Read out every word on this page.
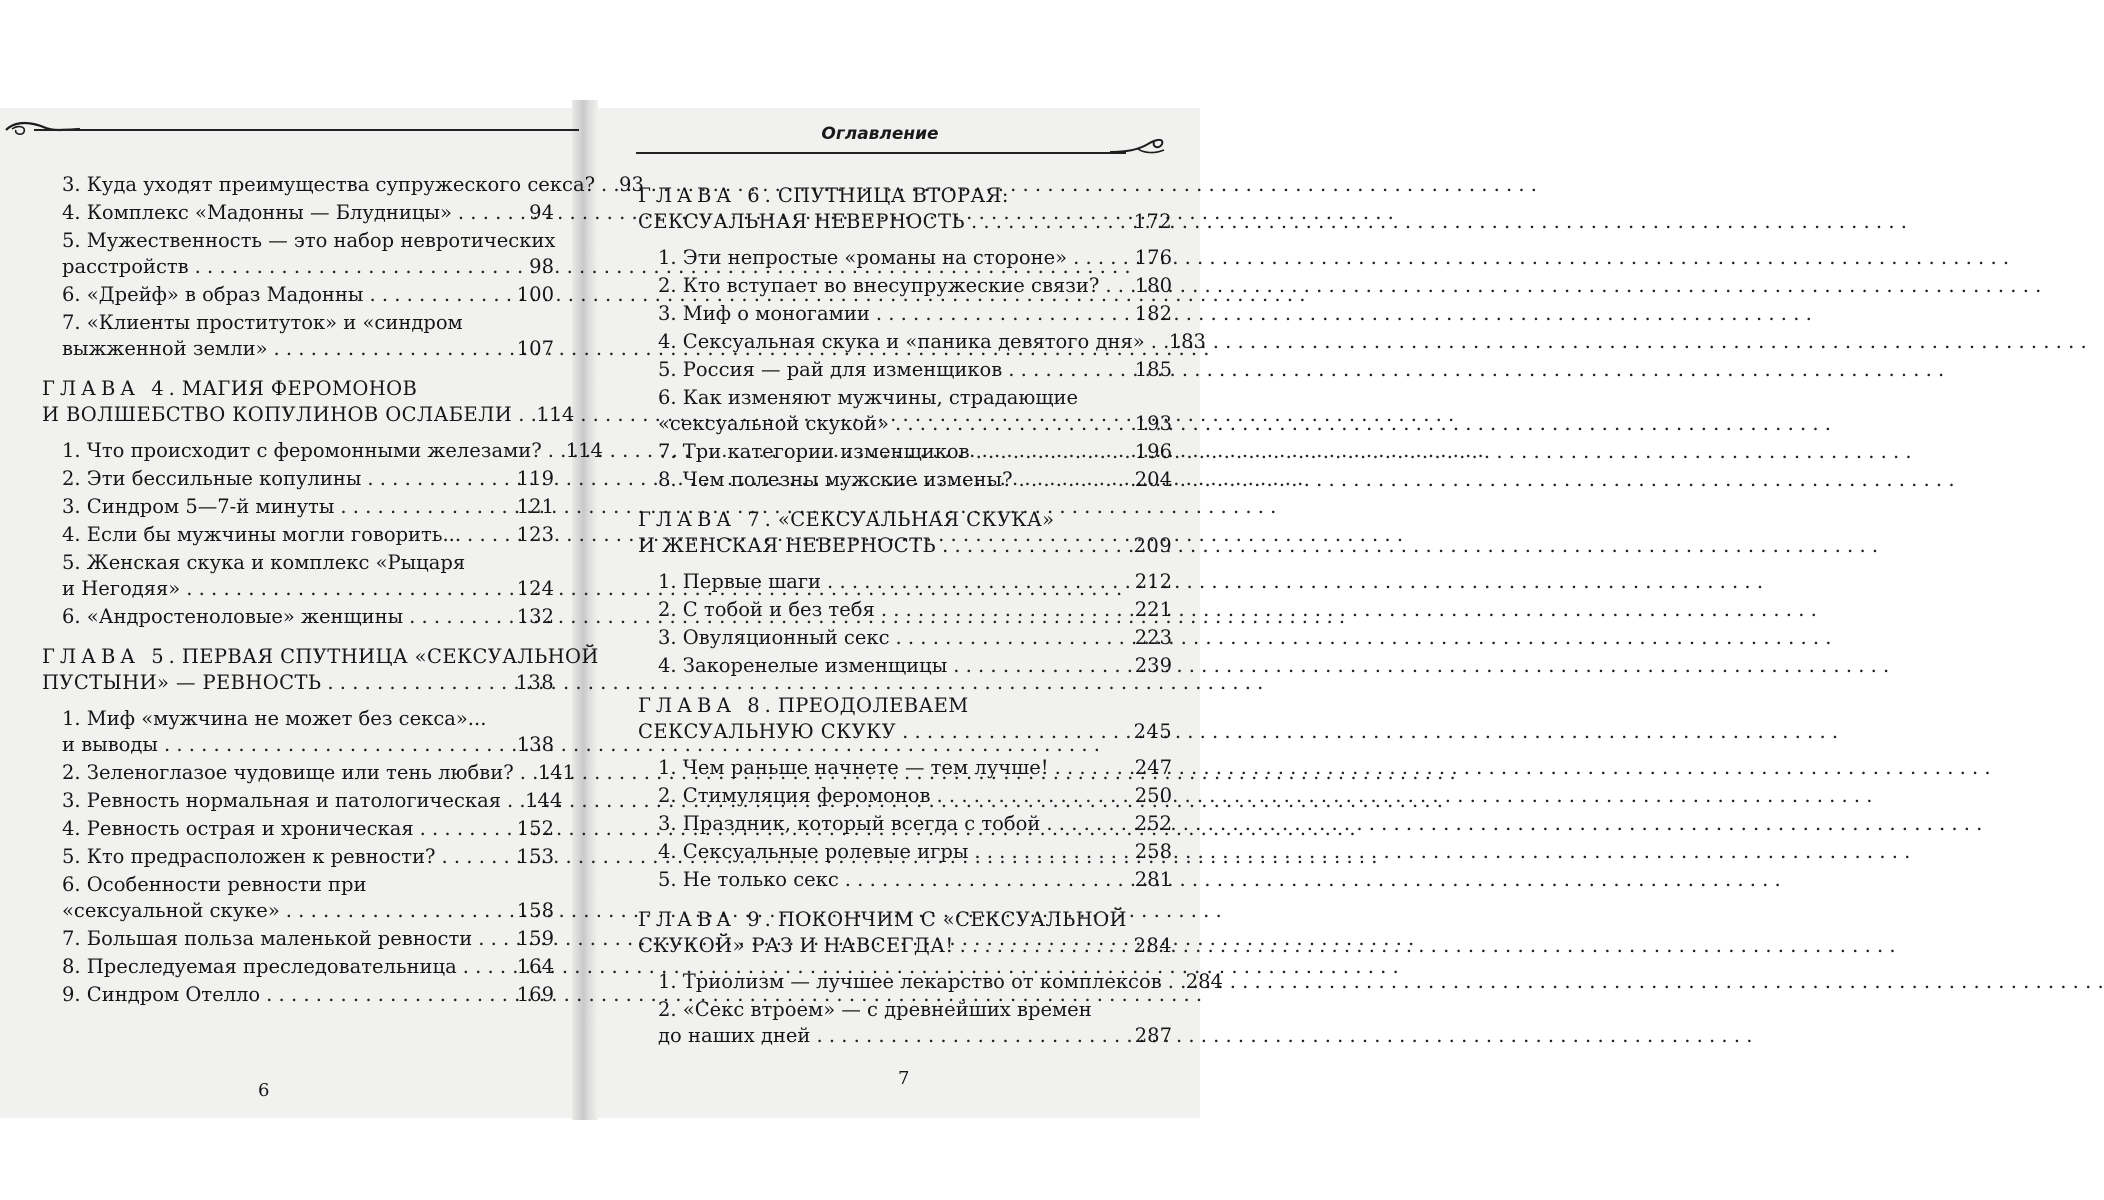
Оглавление
3. Куда уходят преимущества супружеского секса? . . . 93
4. Комплекс «Мадонны — Блудницы» . . .	94
5. Мужественность — это набор невротических
расстройств . . .	98
6. «Дрейф» в образ Мадонны . . .	100
7. «Клиенты проституток» и «синдром
выжженной земли» . . .	107
ГЛАВА 4. МАГИЯ ФЕРОМОНОВ
И ВОЛШЕБСТВО КОПУЛИНОВ ОСЛАБЕЛИ . . . 114
1. Что происходит с феромонными железами? . . . 114
2. Эти бессильные копулины . . .	119
3. Синдром 5—7-й минуты . . .	121
4. Если бы мужчины могли говорить... . . .	123
5. Женская скука и комплекс «Рыцаря
и Негодяя» . . .	124
6. «Андростеноловые» женщины . . .	132
ГЛАВА 5. ПЕРВАЯ СПУТНИЦА «СЕКСУАЛЬНОЙ
ПУСТЫНИ» — РЕВНОСТЬ . . .	138
1. Миф «мужчина не может без секса»...
и выводы . . .	138
2. Зеленоглазое чудовище или тень любви? . . . 141
3. Ревность нормальная и патологическая . . . 144
4. Ревность острая и хроническая . . .	152
5. Кто предрасположен к ревности? . . .	153
6. Особенности ревности при
«сексуальной скуке» . . .	158
7. Большая польза маленькой ревности . . . 159
8. Преследуемая преследовательница . . .	164
9. Синдром Отелло . . .	169
ГЛАВА 6. СПУТНИЦА ВТОРАЯ:
СЕКСУАЛЬНАЯ НЕВЕРНОСТЬ . . .	172
1. Эти непростые «романы на стороне» . . .	176
2. Кто вступает во внесупружеские связи? . . . 180
3. Миф о моногамии . . .	182
4. Сексуальная скука и «паника девятого дня» . . . 183
5. Россия — рай для изменщиков . . .	185
6. Как изменяют мужчины, страдающие
«сексуальной скукой» . . .	193
7. Три категории изменщиков . . .	196
8. Чем полезны мужские измены? . . .	204
ГЛАВА 7. «СЕКСУАЛЬНАЯ СКУКА»
И ЖЕНСКАЯ НЕВЕРНОСТЬ . . .	209
1. Первые шаги . . .	212
2. С тобой и без тебя . . .	221
3. Овуляционный секс . . .	223
4. Закоренелые изменщицы . . .	239
ГЛАВА 8. ПРЕОДОЛЕВАЕМ
СЕКСУАЛЬНУЮ СКУКУ . . .	245
1. Чем раньше начнете — тем лучше! . . .	247
2. Стимуляция феромонов . . .	250
3. Праздник, который всегда с тобой . . .	252
4. Сексуальные ролевые игры . . .	258
5. Не только секс . . .	281
ГЛАВА 9. ПОКОНЧИМ С «СЕКСУАЛЬНОЙ
СКУКОЙ» РАЗ И НАВСЕГДА! . . .	284
1. Триолизм — лучшее лекарство от комплексов . . . 284
2. «Секс втроем» — с древнейших времен
до наших дней . . .	287
6
7
